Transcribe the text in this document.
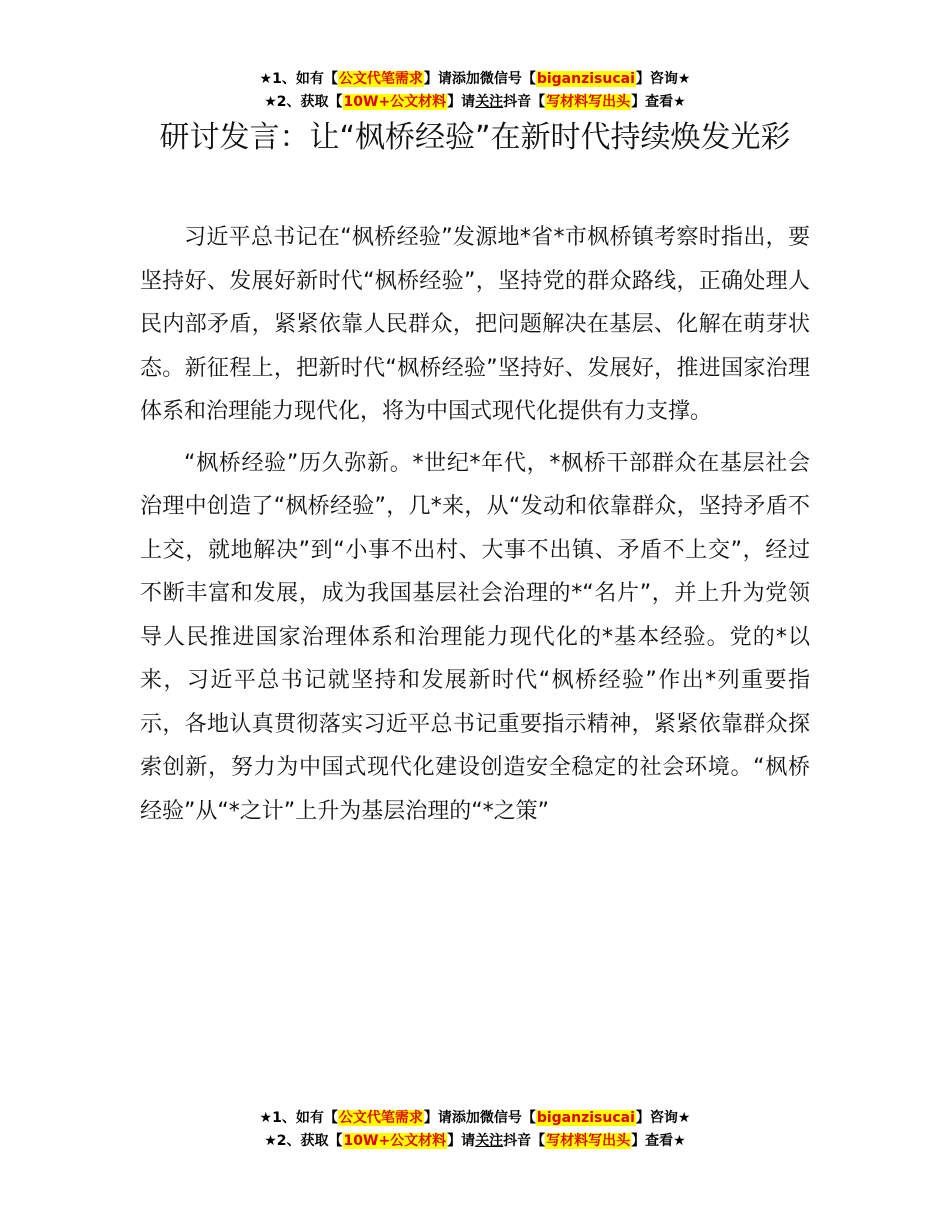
★1、如有【公文代笔需求】请添加微信号【biganzisucai】咨询★
★2、获取【10W+公文材料】请关注抖音【写材料写出头】查看★
研讨发言：让“枫桥经验”在新时代持续焕发光彩

习近平总书记在“枫桥经验”发源地*省*市枫桥镇考察时指出，要坚持好、发展好新时代“枫桥经验”，坚持党的群众路线，正确处理人民内部矛盾，紧紧依靠人民群众，把问题解决在基层、化解在萌芽状态。新征程上，把新时代“枫桥经验”坚持好、发展好，推进国家治理体系和治理能力现代化，将为中国式现代化提供有力支撑。

“枫桥经验”历久弥新。*世纪*年代，*枫桥干部群众在基层社会治理中创造了“枫桥经验”，几*来，从“发动和依靠群众，坚持矛盾不上交，就地解决”到“小事不出村、大事不出镇、矛盾不上交”，经过不断丰富和发展，成为我国基层社会治理的*“名片”，并上升为党领导人民推进国家治理体系和治理能力现代化的*基本经验。党的*以来，习近平总书记就坚持和发展新时代“枫桥经验”作出*列重要指示，各地认真贯彻落实习近平总书记重要指示精神，紧紧依靠群众探索创新，努力为中国式现代化建设创造安全稳定的社会环境。“枫桥经验”从“*之计”上升为基层治理的“*之策”

★1、如有【公文代笔需求】请添加微信号【biganzisucai】咨询★
★2、获取【10W+公文材料】请关注抖音【写材料写出头】查看★
